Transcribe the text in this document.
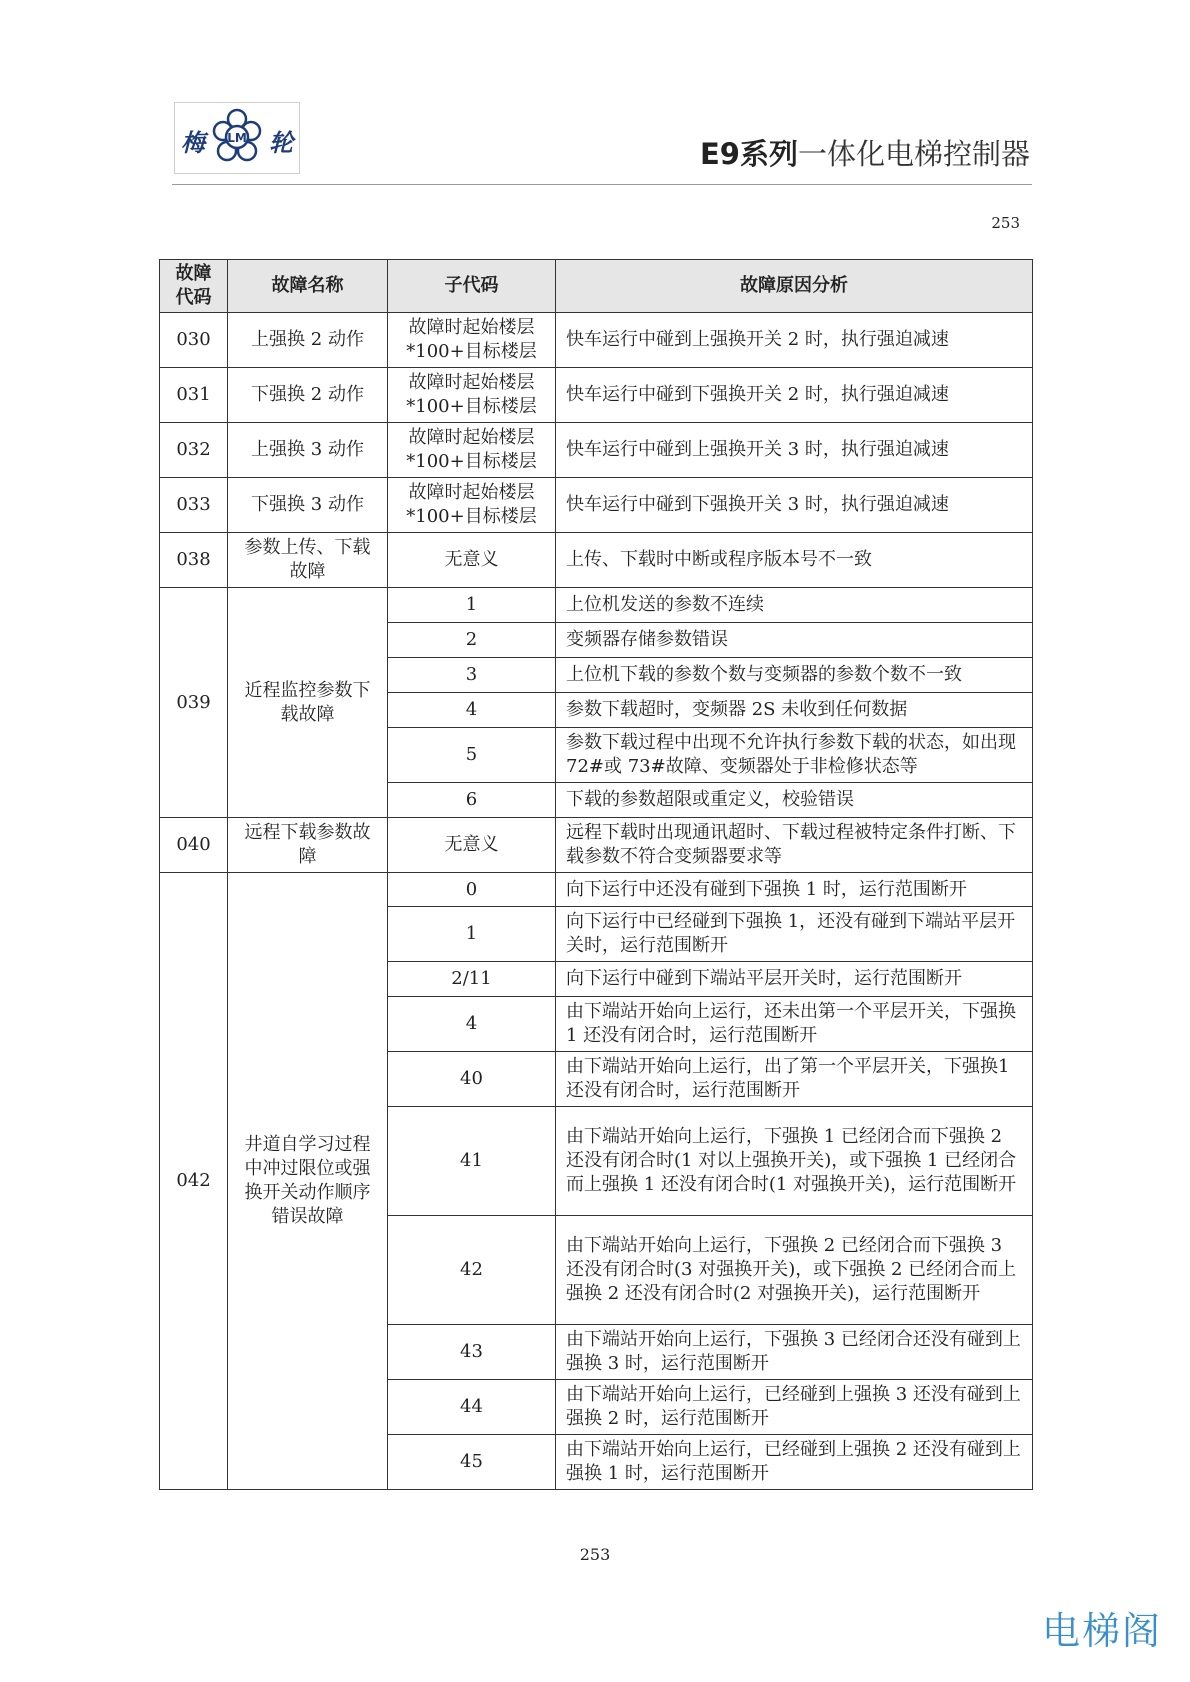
梅 LM 轮	E9系列一体化电梯控制器
253
故障
代码	故障名称	子代码	故障原因分析
030	上强换 2 动作	故障时起始楼层*100+目标楼层	快车运行中碰到上强换开关 2 时，执行强迫减速
031	下强换 2 动作	故障时起始楼层*100+目标楼层	快车运行中碰到下强换开关 2 时，执行强迫减速
032	上强换 3 动作	故障时起始楼层*100+目标楼层	快车运行中碰到上强换开关 3 时，执行强迫减速
033	下强换 3 动作	故障时起始楼层*100+目标楼层	快车运行中碰到下强换开关 3 时，执行强迫减速
038	参数上传、下载故障	无意义	上传、下载时中断或程序版本号不一致
039	近程监控参数下载故障	1	上位机发送的参数不连续
		2	变频器存储参数错误
		3	上位机下载的参数个数与变频器的参数个数不一致
		4	参数下载超时，变频器 2S 未收到任何数据
		5	参数下载过程中出现不允许执行参数下载的状态，如出现 72#或 73#故障、变频器处于非检修状态等
		6	下载的参数超限或重定义，校验错误
040	远程下载参数故障	无意义	远程下载时出现通讯超时、下载过程被特定条件打断、下载参数不符合变频器要求等
042	井道自学习过程中冲过限位或强换开关动作顺序错误故障	0	向下运行中还没有碰到下强换 1 时，运行范围断开
		1	向下运行中已经碰到下强换 1，还没有碰到下端站平层开关时，运行范围断开
		2/11	向下运行中碰到下端站平层开关时，运行范围断开
		4	由下端站开始向上运行，还未出第一个平层开关，下强换 1 还没有闭合时，运行范围断开
		40	由下端站开始向上运行，出了第一个平层开关，下强换1还没有闭合时，运行范围断开
		41	由下端站开始向上运行，下强换 1 已经闭合而下强换 2 还没有闭合时(1 对以上强换开关)，或下强换 1 已经闭合而上强换 1 还没有闭合时(1 对强换开关)，运行范围断开
		42	由下端站开始向上运行，下强换 2 已经闭合而下强换 3 还没有闭合时(3 对强换开关)，或下强换 2 已经闭合而上强换 2 还没有闭合时(2 对强换开关)，运行范围断开
		43	由下端站开始向上运行，下强换 3 已经闭合还没有碰到上强换 3 时，运行范围断开
		44	由下端站开始向上运行，已经碰到上强换 3 还没有碰到上强换 2 时，运行范围断开
		45	由下端站开始向上运行，已经碰到上强换 2 还没有碰到上强换 1 时，运行范围断开
253
电梯阁
